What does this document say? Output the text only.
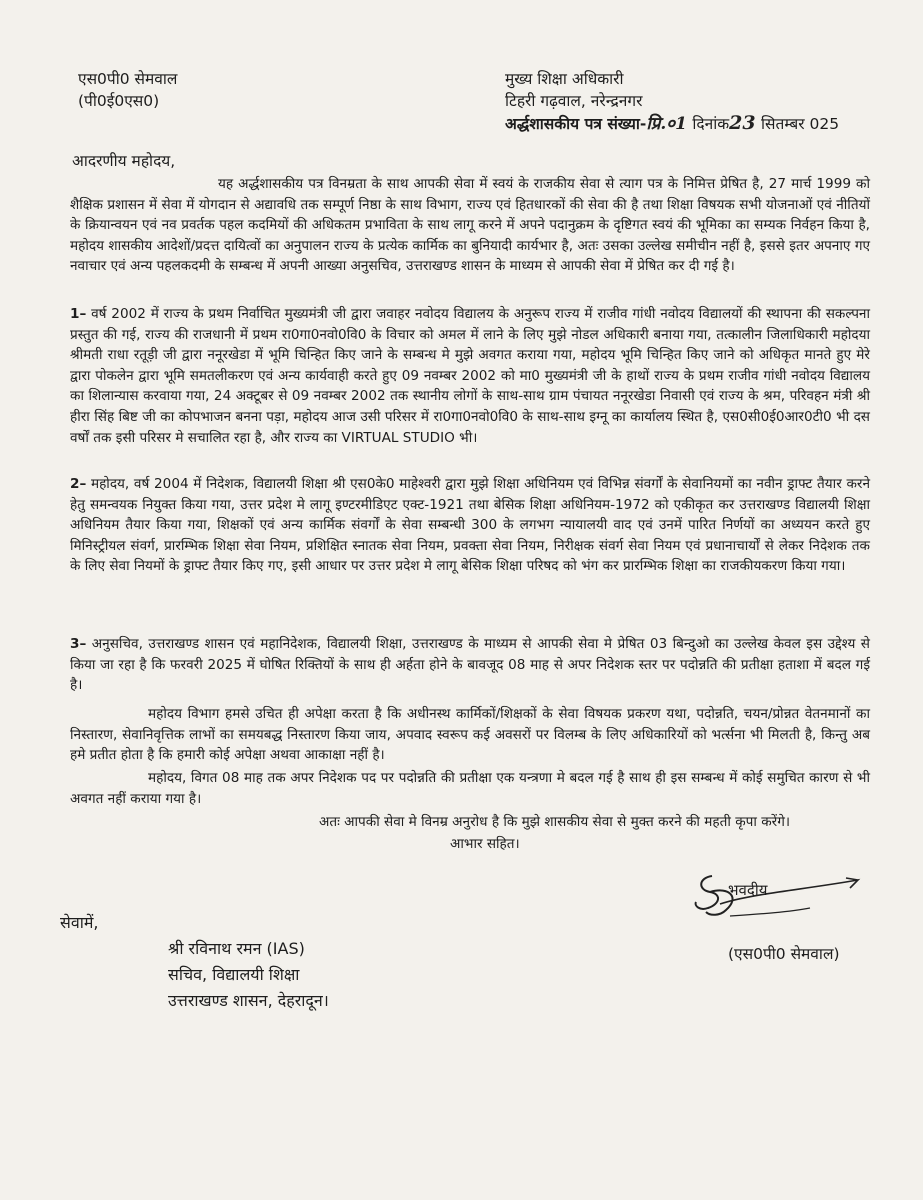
एस0पी0 सेमवाल
(पी0ई0एस0)
मुख्य शिक्षा अधिकारी
टिहरी गढ़वाल, नरेन्द्रनगर
अर्द्धशासकीय पत्र संख्या-प्रि.०1 दिनांक23 सितम्बर 025
आदरणीय महोदय,
यह अर्द्धशासकीय पत्र विनम्रता के साथ आपकी सेवा में स्वयं के राजकीय सेवा से त्याग पत्र के निमित्त प्रेषित है, 27 मार्च 1999 को शैक्षिक प्रशासन में सेवा में योगदान से अद्यावधि तक सम्पूर्ण निष्ठा के साथ विभाग, राज्य एवं हितधारकों की सेवा की है तथा शिक्षा विषयक सभी योजनाओं एवं नीतियों के क्रियान्वयन एवं नव प्रवर्तक पहल कदमियों की अधिकतम प्रभाविता के साथ लागू करने में अपने पदानुक्रम के दृष्टिगत स्वयं की भूमिका का सम्यक निर्वहन किया है, महोदय शासकीय आदेशों/प्रदत्त दायित्वों का अनुपालन राज्य के प्रत्येक कार्मिक का बुनियादी कार्यभार है, अतः उसका उल्लेख समीचीन नहीं है, इससे इतर अपनाए गए नवाचार एवं अन्य पहलकदमी के सम्बन्ध में अपनी आख्या अनुसचिव, उत्तराखण्ड शासन के माध्यम से आपकी सेवा में प्रेषित कर दी गई है।
1– वर्ष 2002 में राज्य के प्रथम निर्वाचित मुख्यमंत्री जी द्वारा जवाहर नवोदय विद्यालय के अनुरूप राज्य में राजीव गांधी नवोदय विद्यालयों की स्थापना की सकल्पना प्रस्तुत की गई, राज्य की राजधानी में प्रथम रा0गा0नवो0वि0 के विचार को अमल में लाने के लिए मुझे नोडल अधिकारी बनाया गया, तत्कालीन जिलाधिकारी महोदया श्रीमती राधा रतूड़ी जी द्वारा ननूरखेडा में भूमि चिन्हित किए जाने के सम्बन्ध मे मुझे अवगत कराया गया, महोदय भूमि चिन्हित किए जाने को अधिकृत मानते हुए मेरे द्वारा पोकलेन द्वारा भूमि समतलीकरण एवं अन्य कार्यवाही करते हुए 09 नवम्बर 2002 को मा0 मुख्यमंत्री जी के हाथों राज्य के प्रथम राजीव गांधी नवोदय विद्यालय का शिलान्यास करवाया गया, 24 अक्टूबर से 09 नवम्बर 2002 तक स्थानीय लोगों के साथ-साथ ग्राम पंचायत ननूरखेडा निवासी एवं राज्य के श्रम, परिवहन मंत्री श्री हीरा सिंह बिष्ट जी का कोपभाजन बनना पड़ा, महोदय आज उसी परिसर में रा0गा0नवो0वि0 के साथ-साथ इग्नू का कार्यालय स्थित है, एस0सी0ई0आर0टी0 भी दस वर्षों तक इसी परिसर मे सचालित रहा है, और राज्य का VIRTUAL STUDIO भी।
2– महोदय, वर्ष 2004 में निदेशक, विद्यालयी शिक्षा श्री एस0के0 माहेश्वरी द्वारा मुझे शिक्षा अधिनियम एवं विभिन्न संवर्गों के सेवानियमों का नवीन ड्राफ्ट तैयार करने हेतु समन्वयक नियुक्त किया गया, उत्तर प्रदेश मे लागू इण्टरमीडिएट एक्ट-1921 तथा बेसिक शिक्षा अधिनियम-1972 को एकीकृत कर उत्तराखण्ड विद्यालयी शिक्षा अधिनियम तैयार किया गया, शिक्षकों एवं अन्य कार्मिक संवर्गों के सेवा सम्बन्धी 300 के लगभग न्यायालयी वाद एवं उनमें पारित निर्णयों का अध्ययन करते हुए मिनिस्ट्रीयल संवर्ग, प्रारम्भिक शिक्षा सेवा नियम, प्रशिक्षित स्नातक सेवा नियम, प्रवक्ता सेवा नियम, निरीक्षक संवर्ग सेवा नियम एवं प्रधानाचार्यों से लेकर निदेशक तक के लिए सेवा नियमों के ड्राफ्ट तैयार किए गए, इसी आधार पर उत्तर प्रदेश मे लागू बेसिक शिक्षा परिषद को भंग कर प्रारम्भिक शिक्षा का राजकीयकरण किया गया।
3– अनुसचिव, उत्तराखण्ड शासन एवं महानिदेशक, विद्यालयी शिक्षा, उत्तराखण्ड के माध्यम से आपकी सेवा मे प्रेषित 03 बिन्दुओ का उल्लेख केवल इस उद्देश्य से किया जा रहा है कि फरवरी 2025 में घोषित रिक्तियों के साथ ही अर्हता होने के बावजूद 08 माह से अपर निदेशक स्तर पर पदोन्नति की प्रतीक्षा हताशा में बदल गई है।
महोदय विभाग हमसे उचित ही अपेक्षा करता है कि अधीनस्थ कार्मिकों/शिक्षकों के सेवा विषयक प्रकरण यथा, पदोन्नति, चयन/प्रोन्नत वेतनमानों का निस्तारण, सेवानिवृत्तिक लाभों का समयबद्ध निस्तारण किया जाय, अपवाद स्वरूप कई अवसरों पर विलम्ब के लिए अधिकारियों को भर्त्सना भी मिलती है, किन्तु अब हमे प्रतीत होता है कि हमारी कोई अपेक्षा अथवा आकाक्षा नहीं है।
महोदय, विगत 08 माह तक अपर निदेशक पद पर पदोन्नति की प्रतीक्षा एक यन्त्रणा मे बदल गई है साथ ही इस सम्बन्ध में कोई समुचित कारण से भी अवगत नहीं कराया गया है।
अतः आपकी सेवा मे विनम्र अनुरोध है कि मुझे शासकीय सेवा से मुक्त करने की महती कृपा करेंगे।
आभार सहित।
भवदीय
(एस0पी0 सेमवाल)
सेवामें,
श्री रविनाथ रमन (IAS)
सचिव, विद्यालयी शिक्षा
उत्तराखण्ड शासन, देहरादून।
